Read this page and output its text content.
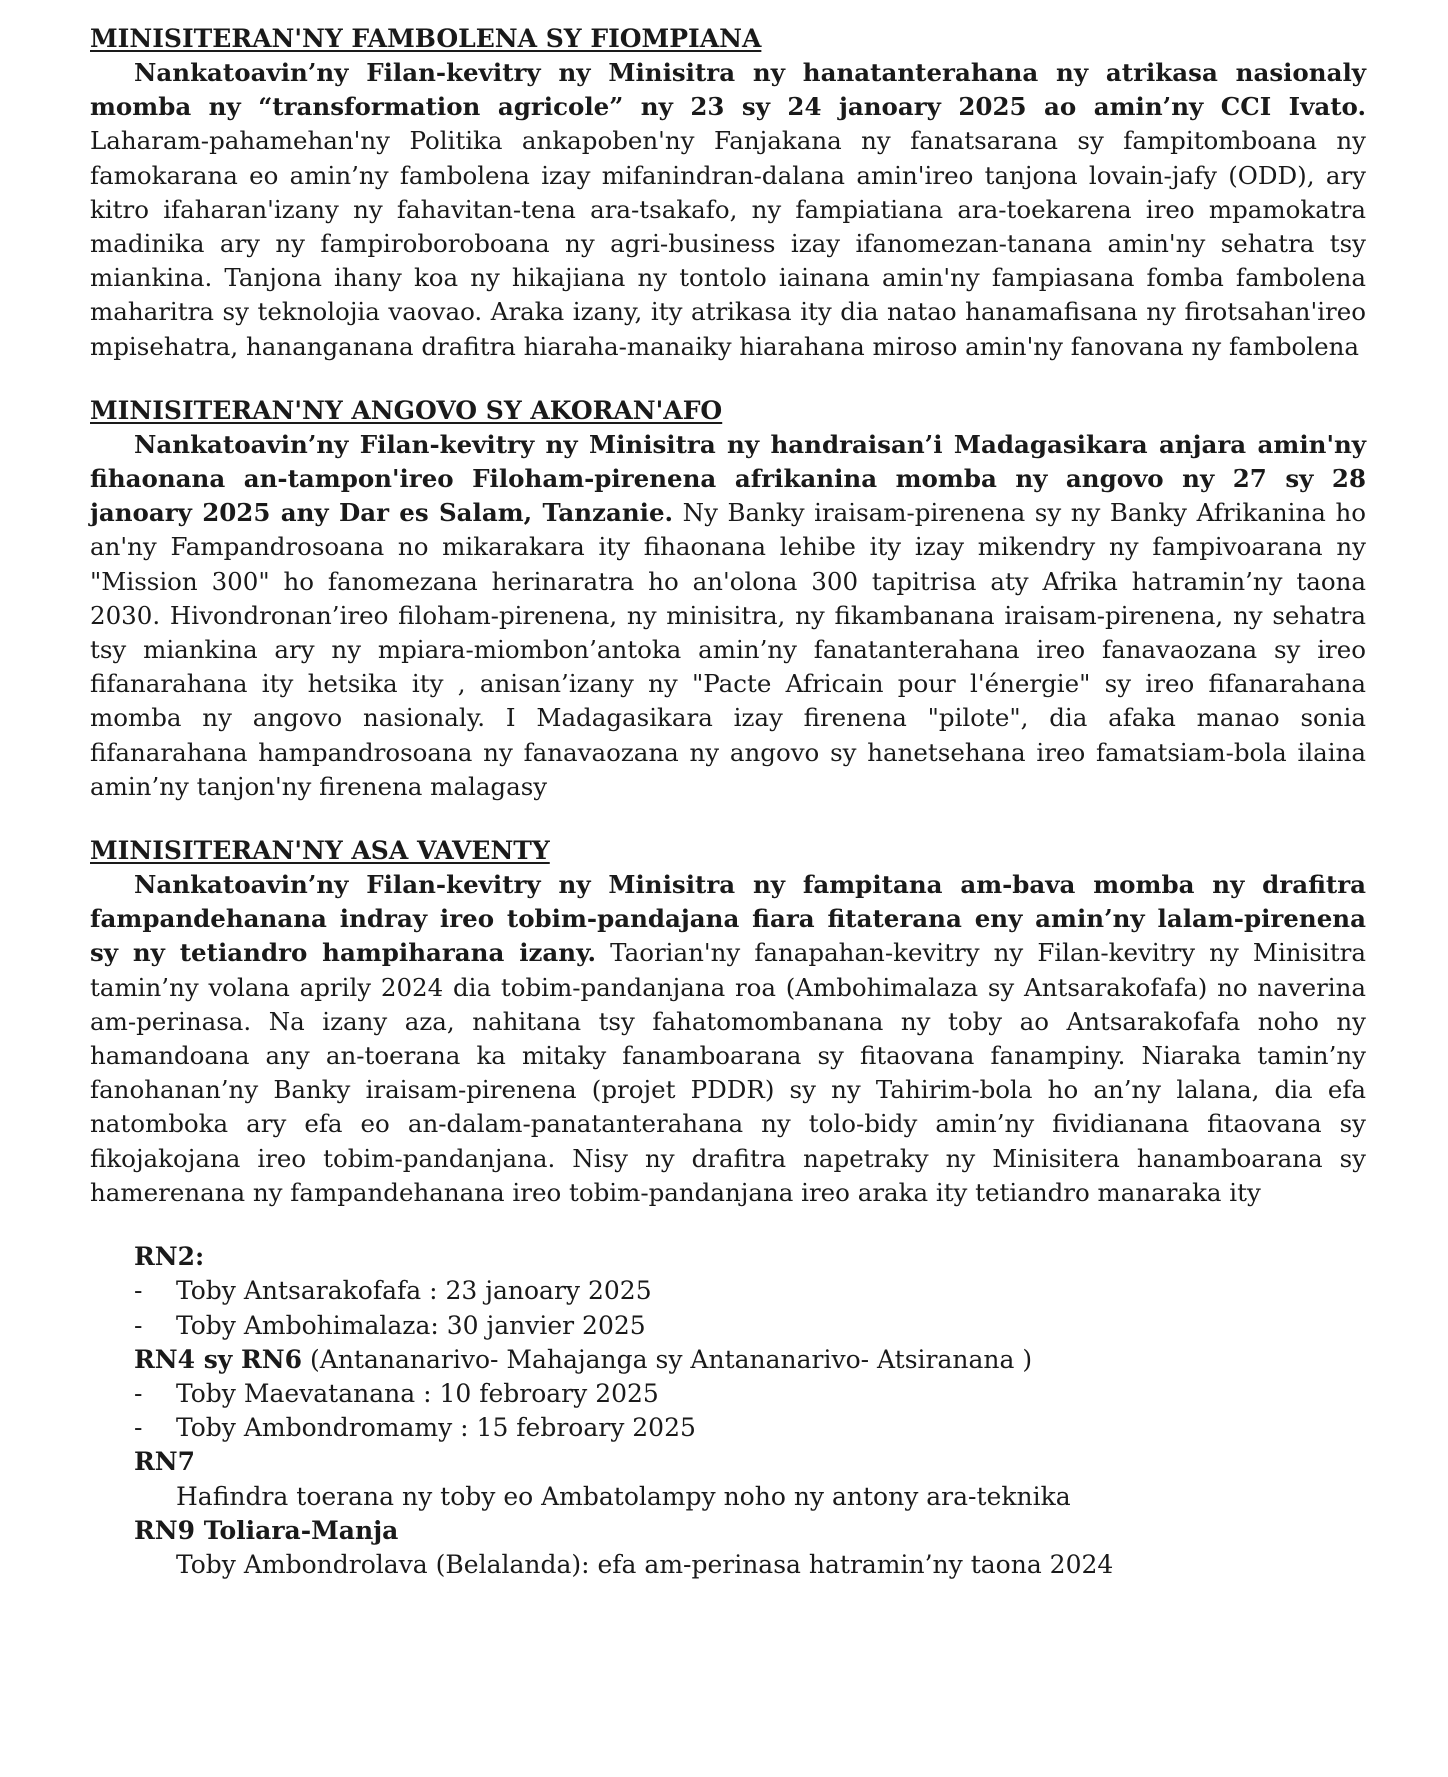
MINISITERAN'NY FAMBOLENA SY FIOMPIANA

Nankatoavin’ny Filan-kevitry ny Minisitra ny hanatanterahana ny atrikasa nasionaly momba ny “transformation agricole” ny 23 sy 24 janoary 2025 ao amin’ny CCI Ivato. Laharam-pahamehan'ny Politika ankapoben'ny Fanjakana ny fanatsarana sy fampitomboana ny famokarana eo amin’ny fambolena izay mifanindran-dalana amin'ireo tanjona lovain-jafy (ODD), ary kitro ifaharan'izany ny fahavitan-tena ara-tsakafo, ny fampiatiana ara-toekarena ireo mpamokatra madinika ary ny fampiroboroboana ny agri-business izay ifanomezan-tanana amin'ny sehatra tsy miankina. Tanjona ihany koa ny hikajiana ny tontolo iainana amin'ny fampiasana fomba fambolena maharitra sy teknolojia vaovao. Araka izany, ity atrikasa ity dia natao hanamafisana ny firotsahan'ireo mpisehatra, hananganana drafitra hiaraha-manaiky hiarahana miroso amin'ny fanovana ny fambolena

MINISITERAN'NY ANGOVO SY AKORAN'AFO

Nankatoavin’ny Filan-kevitry ny Minisitra ny handraisan’i Madagasikara anjara amin'ny fihaonana an-tampon'ireo Filoham-pirenena afrikanina momba ny angovo ny 27 sy 28 janoary 2025 any Dar es Salam, Tanzanie. Ny Banky iraisam-pirenena sy ny Banky Afrikanina ho an'ny Fampandrosoana no mikarakara ity fihaonana lehibe ity izay mikendry ny fampivoarana ny "Mission 300" ho fanomezana herinaratra ho an'olona 300 tapitrisa aty Afrika hatramin’ny taona 2030. Hivondronan’ireo filoham-pirenena, ny minisitra, ny fikambanana iraisam-pirenena, ny sehatra tsy miankina ary ny mpiara-miombon’antoka amin’ny fanatanterahana ireo fanavaozana sy ireo fifanarahana ity hetsika ity , anisan’izany ny "Pacte Africain pour l'énergie" sy ireo fifanarahana momba ny angovo nasionaly. I Madagasikara izay firenena "pilote", dia afaka manao sonia fifanarahana hampandrosoana ny fanavaozana ny angovo sy hanetsehana ireo famatsiam-bola ilaina amin’ny tanjon'ny firenena malagasy

MINISITERAN'NY ASA VAVENTY

Nankatoavin’ny Filan-kevitry ny Minisitra ny fampitana am-bava momba ny drafitra fampandehanana indray ireo tobim-pandajana fiara fitaterana eny amin’ny lalam-pirenena sy ny tetiandro hampiharana izany. Taorian'ny fanapahan-kevitry ny Filan-kevitry ny Minisitra tamin’ny volana aprily 2024 dia tobim-pandanjana roa (Ambohimalaza sy Antsarakofafa) no naverina am-perinasa. Na izany aza, nahitana tsy fahatomombanana ny toby ao Antsarakofafa noho ny hamandoana any an-toerana ka mitaky fanamboarana sy fitaovana fanampiny. Niaraka tamin’ny fanohanan’ny Banky iraisam-pirenena (projet PDDR) sy ny Tahirim-bola ho an’ny lalana, dia efa natomboka ary efa eo an-dalam-panatanterahana ny tolo-bidy amin’ny fividianana fitaovana sy fikojakojana ireo tobim-pandanjana. Nisy ny drafitra napetraky ny Minisitera hanamboarana sy hamerenana ny fampandehanana ireo tobim-pandanjana ireo araka ity tetiandro manaraka ity

RN2:
-	Toby Antsarakofafa : 23 janoary 2025
-	Toby Ambohimalaza: 30 janvier 2025
RN4 sy RN6 (Antananarivo- Mahajanga sy Antananarivo- Atsiranana )
-	Toby Maevatanana : 10 febroary 2025
-	Toby Ambondromamy : 15 febroary 2025
RN7

Hafindra toerana ny toby eo Ambatolampy noho ny antony ara-teknika

RN9 Toliara-Manja

Toby Ambondrolava (Belalanda): efa am-perinasa hatramin’ny taona 2024
